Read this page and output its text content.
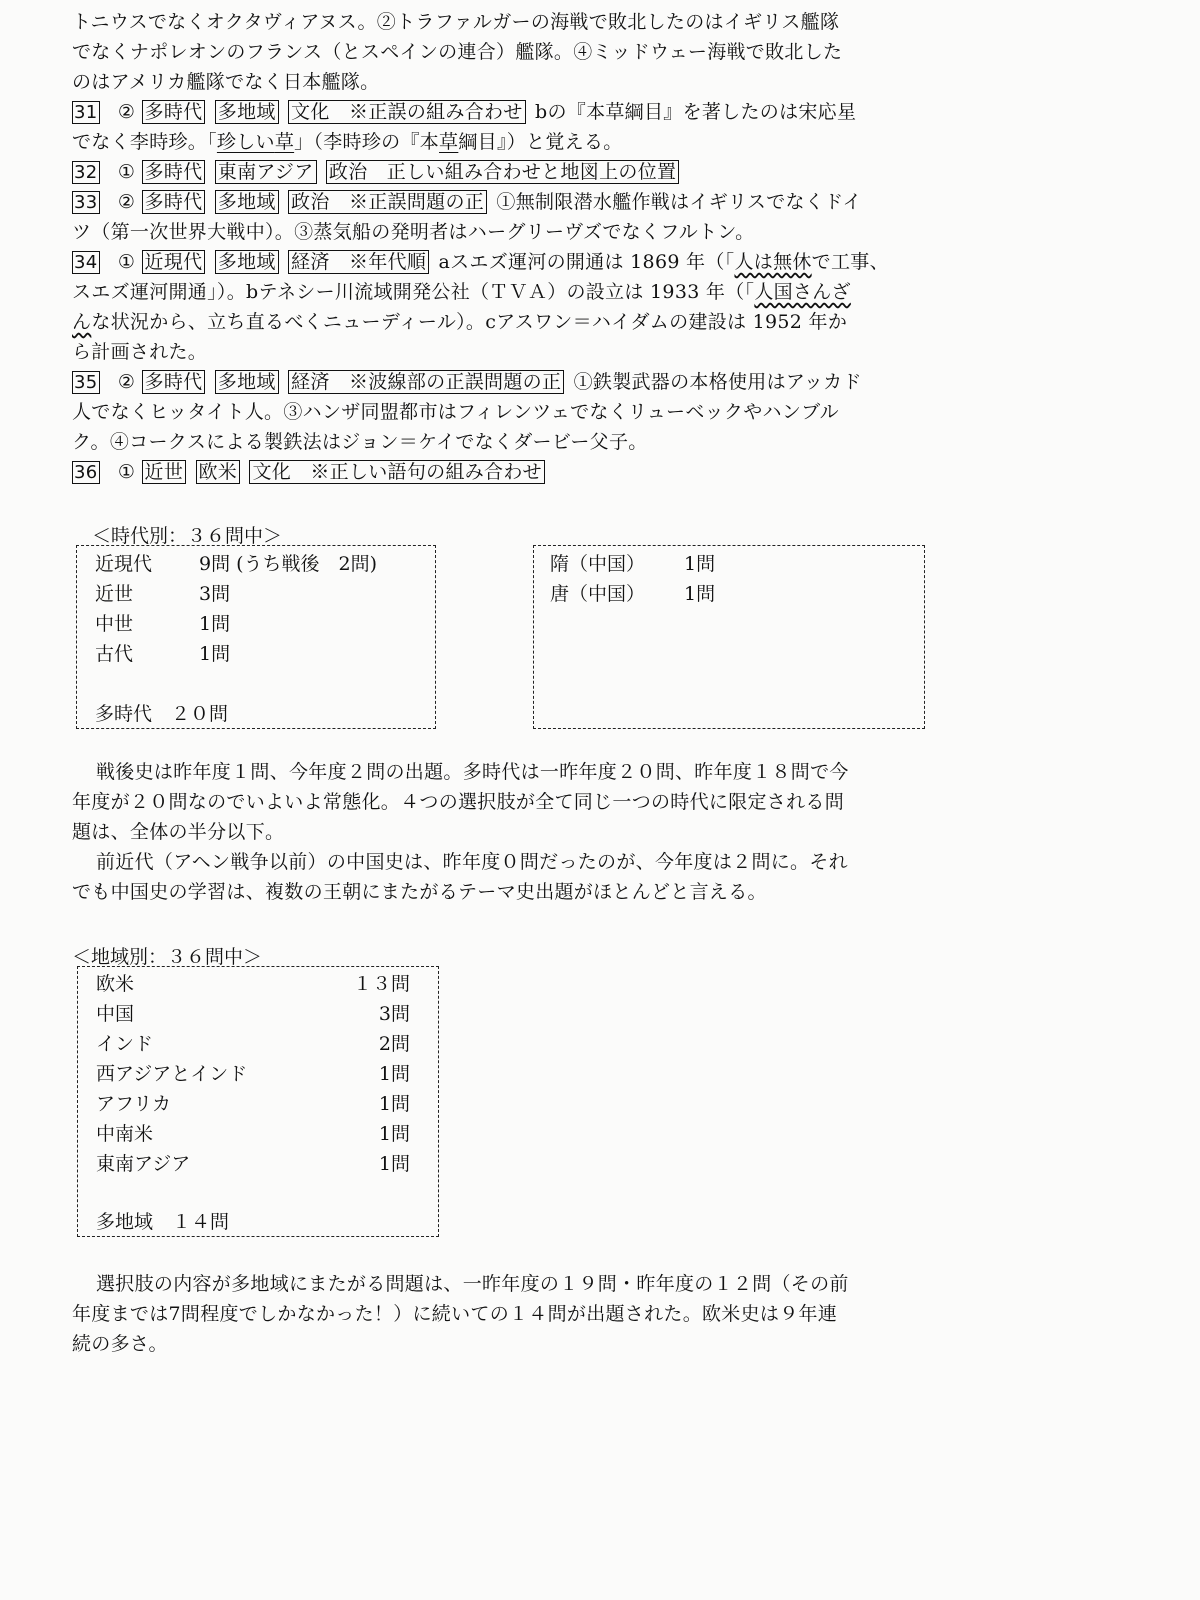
トニウスでなくオクタヴィアヌス。②トラファルガーの海戦で敗北したのはイギリス艦隊
でなくナポレオンのフランス（とスペインの連合）艦隊。④ミッドウェー海戦で敗北した
のはアメリカ艦隊でなく日本艦隊。
31 ② 多時代 多地域 文化　※正誤の組み合わせ bの『本草綱目』を著したのは宋応星
でなく李時珍。「珍しい草」（李時珍の『本草綱目』）と覚える。
32 ① 多時代 東南アジア 政治　正しい組み合わせと地図上の位置
33 ② 多時代 多地域 政治　※正誤問題の正 ①無制限潜水艦作戦はイギリスでなくドイ
ツ（第一次世界大戦中）。③蒸気船の発明者はハーグリーヴズでなくフルトン。
34 ① 近現代 多地域 経済　※年代順 aスエズ運河の開通は 1869 年（「人は無休で工事、
スエズ運河開通」）。bテネシー川流域開発公社（ＴＶＡ）の設立は 1933 年（「人国さんざ
んな状況から、立ち直るべくニューディール）。cアスワン＝ハイダムの建設は 1952 年か
ら計画された。
35 ② 多時代 多地域 経済　※波線部の正誤問題の正 ①鉄製武器の本格使用はアッカド
人でなくヒッタイト人。③ハンザ同盟都市はフィレンツェでなくリューベックやハンブル
ク。④コークスによる製鉄法はジョン＝ケイでなくダービー父子。
36 ① 近世 欧米 文化　※正しい語句の組み合わせ
＜時代別：３６問中＞
近現代 9問 (うち戦後　2問)
近世	3問
中世	1問
古代	1問
多時代　２０問
隋（中国） 1問
唐（中国） 1問
戦後史は昨年度１問、今年度２問の出題。多時代は一昨年度２０問、昨年度１８問で今
年度が２０問なのでいよいよ常態化。４つの選択肢が全て同じ一つの時代に限定される問
題は、全体の半分以下。
前近代（アヘン戦争以前）の中国史は、昨年度０問だったのが、今年度は２問に。それ
でも中国史の学習は、複数の王朝にまたがるテーマ史出題がほとんどと言える。
＜地域別：３６問中＞
欧米	１３問
中国	3問
インド	2問
西アジアとインド	1問
アフリカ	1問
中南米	1問
東南アジア	1問
多地域　１４問
選択肢の内容が多地域にまたがる問題は、一昨年度の１９問・昨年度の１２問（その前
年度までは7問程度でしかなかった！）に続いての１４問が出題された。欧米史は９年連
続の多さ。
